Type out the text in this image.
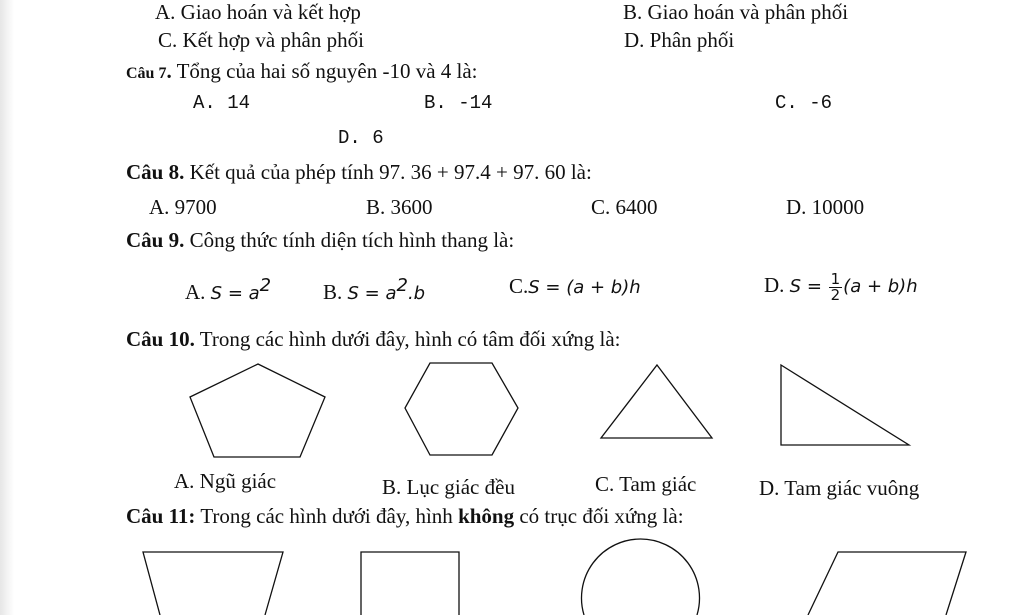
A. Giao hoán và kết hợp	B. Giao hoán và phân phối
C. Kết hợp và phân phối	D. Phân phối
Câu 7. Tổng của hai số nguyên -10 và 4 là:
A. 14	B. -14	C. -6
D. 6
Câu 8. Kết quả của phép tính 97. 36 + 97.4 + 97. 60 là:
A. 9700	B. 3600	C. 6400	D. 10000
Câu 9. Công thức tính diện tích hình thang là:
A. $S = a^2$ B. $S = a^2.b$	C.S = (a + b)h	D. $S = \frac{1}{2} (a + b)h$
Câu 10. Trong các hình dưới đây, hình có tâm đối xứng là:
A. Ngũ giác	B. Lục giác đều	C. Tam giác	D. Tam giác vuông
Câu 11: Trong các hình dưới đây, hình không có trục đối xứng là:
